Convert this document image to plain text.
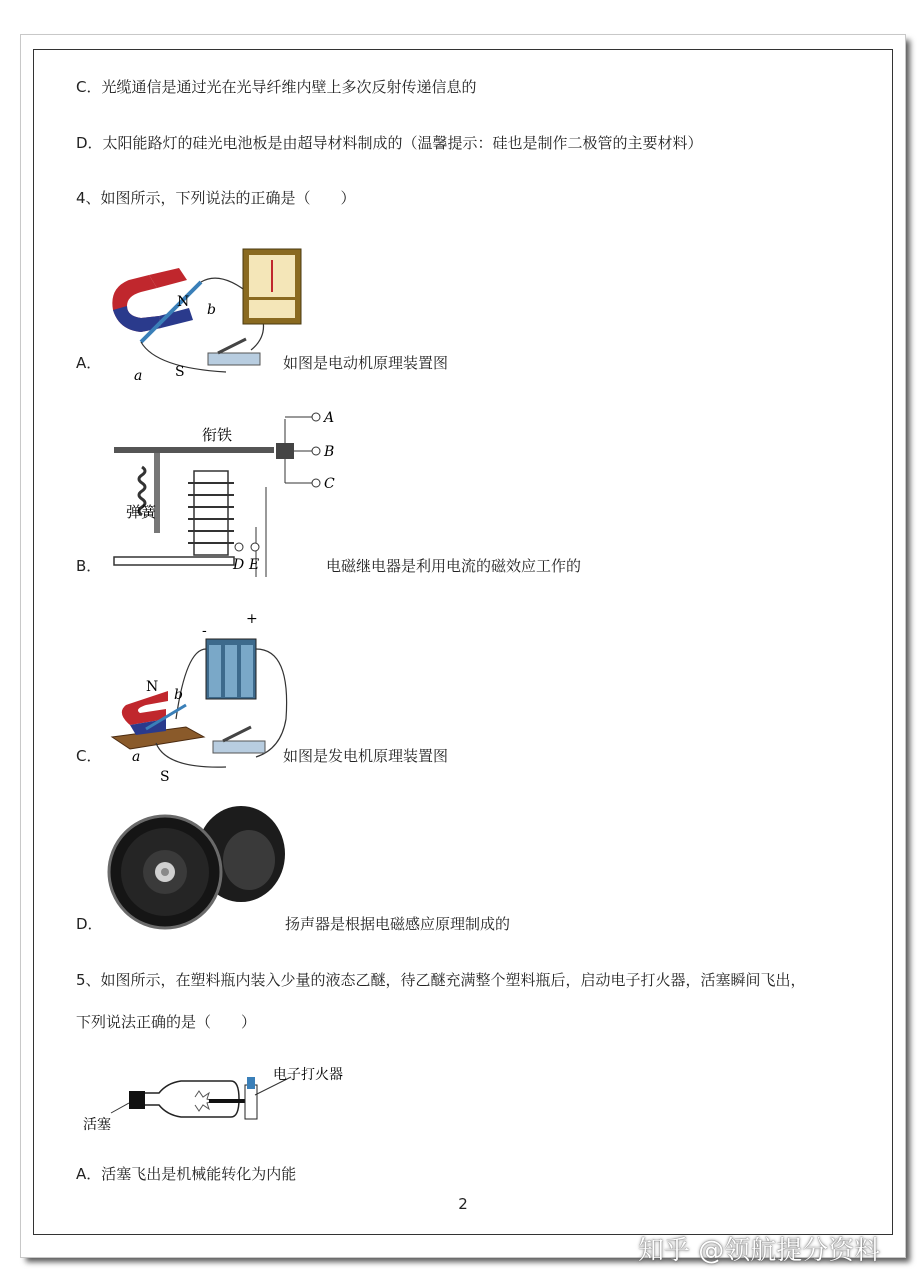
C．光缆通信是通过光在光导纤维内壁上多次反射传递信息的
D．太阳能路灯的硅光电池板是由超导材料制成的（温馨提示：硅也是制作二极管的主要材料）
4、如图所示，下列说法的正确是（　　）
N
S
a
b
A．	如图是电动机原理装置图
衔铁
弹簧
A
B
C
D E
B．	电磁继电器是利用电流的磁效应工作的
-
+
N b
a
S
C．	如图是发电机原理装置图
D．	扬声器是根据电磁感应原理制成的
5、如图所示，在塑料瓶内装入少量的液态乙醚，待乙醚充满整个塑料瓶后，启动电子打火器，活塞瞬间飞出，
下列说法正确的是（　　）
活塞
电子打火器
A．活塞飞出是机械能转化为内能
2
知乎 @领航提分资料
